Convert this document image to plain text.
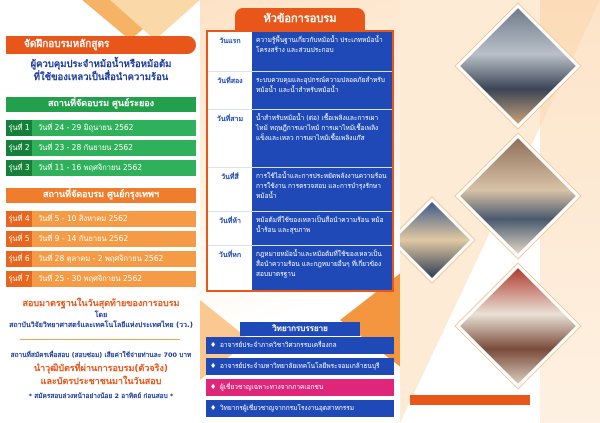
จัดฝึกอบรมหลักสูตร
ผู้ควบคุมประจำหม้อน้ำหรือหม้อต้ม
ที่ใช้ของเหลวเป็นสื่อนำความร้อน
สถานที่จัดอบรม ศูนย์ระยอง
รุ่นที่ 1	วันที่ 24 - 29 มิถุนายน 2562
รุ่นที่ 2	วันที่ 23 - 28 กันยายน 2562
รุ่นที่ 3	วันที่ 11 - 16 พฤศจิกายน 2562
สถานที่จัดอบรม ศูนย์กรุงเทพฯ
รุ่นที่ 4	วันที่ 5 - 10 สิงหาคม 2562
รุ่นที่ 5	วันที่ 9 - 14 กันยายน 2562
รุ่นที่ 6	วันที่ 28 ตุลาคม - 2 พฤศจิกายน 2562
รุ่นที่ 7	วันที่ 25 - 30 พฤศจิกายน 2562
สอบมาตรฐานในวันสุดท้ายของการอบรม
โดย
สถาบันวิจัยวิทยาศาสตร์และเทคโนโลยีแห่งประเทศไทย (วว.)
สถานที่สมัครเพื่อสอบ (สอบซ่อม) เสียค่าใช้จ่ายท่านละ 700 บาท
นำวุฒิบัตรที่ผ่านการอบรม(ตัวจริง)
และบัตรประชาชนมาในวันสอบ
* สมัครสอบล่วงหน้าอย่างน้อย 2 อาทิตย์ ก่อนสอบ *
หัวข้อการอบรม
วันแรก	ความรู้พื้นฐานเกี่ยวกับหม้อน้ำ ประเภทหม้อน้ำ โครงสร้าง และส่วนประกอบ
วันที่สอง	ระบบควบคุมและอุปกรณ์ความปลอดภัยสำหรับหม้อน้ำ และน้ำสำหรับหม้อน้ำ
วันที่สาม	น้ำสำหรับหม้อน้ำ (ต่อ) เชื้อเพลิงและการเผาไหม้ ทฤษฎีการเผาไหม้ การเผาไหม้เชื้อเพลิงแข็งและเหลว การเผาไหม้เชื้อเพลิงแก๊ส
วันที่สี่	การใช้ไอน้ำและการประหยัดพลังงานความร้อน การใช้งาน การตรวจสอบ และการบำรุงรักษาหม้อน้ำ
วันที่ห้า	หม้อต้มที่ใช้ของเหลวเป็นสื่อนำความร้อน หม้อน้ำร้อน และสุขภาพ
วันที่หก	กฎหมายหม้อน้ำและหม้อต้มที่ใช้ของเหลวเป็นสื่อนำความร้อน และกฎหมายอื่นๆ ที่เกี่ยวข้อง สอบมาตรฐาน
วิทยากรบรรยาย
♦ อาจารย์ประจำภาควิชาวิศวกรรมเครื่องกล
♦ อาจารย์ประจำมหาวิทยาลัยเทคโนโลยีพระจอมเกล้าธนบุรี
♦ ผู้เชี่ยวชาญเฉพาะทางจากภาคเอกชน
♦ วิทยากรผู้เชี่ยวชาญจากกรมโรงงานอุตสาหกรรม
